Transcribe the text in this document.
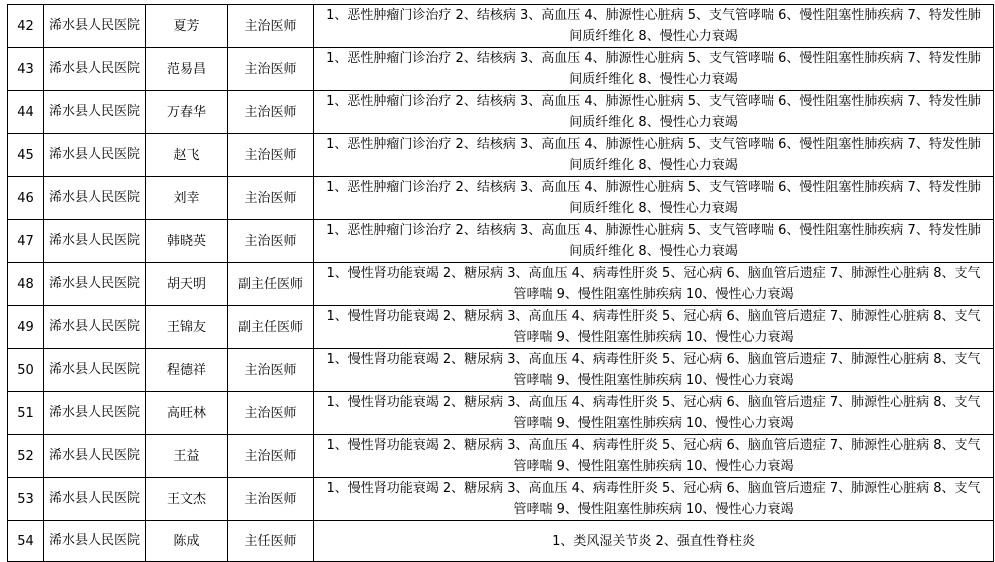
42	浠水县人民医院	夏芳	主治医师	1、恶性肿瘤门诊治疗 2、结核病 3、高血压 4、肺源性心脏病 5、支气管哮喘 6、慢性阻塞性肺疾病 7、特发性肺间质纤维化 8、慢性心力衰竭
43	浠水县人民医院	范易昌	主治医师	1、恶性肿瘤门诊治疗 2、结核病 3、高血压 4、肺源性心脏病 5、支气管哮喘 6、慢性阻塞性肺疾病 7、特发性肺间质纤维化 8、慢性心力衰竭
44	浠水县人民医院	万春华	主治医师	1、恶性肿瘤门诊治疗 2、结核病 3、高血压 4、肺源性心脏病 5、支气管哮喘 6、慢性阻塞性肺疾病 7、特发性肺间质纤维化 8、慢性心力衰竭
45	浠水县人民医院	赵飞	主治医师	1、恶性肿瘤门诊治疗 2、结核病 3、高血压 4、肺源性心脏病 5、支气管哮喘 6、慢性阻塞性肺疾病 7、特发性肺间质纤维化 8、慢性心力衰竭
46	浠水县人民医院	刘幸	主治医师	1、恶性肿瘤门诊治疗 2、结核病 3、高血压 4、肺源性心脏病 5、支气管哮喘 6、慢性阻塞性肺疾病 7、特发性肺间质纤维化 8、慢性心力衰竭
47	浠水县人民医院	韩晓英	主治医师	1、恶性肿瘤门诊治疗 2、结核病 3、高血压 4、肺源性心脏病 5、支气管哮喘 6、慢性阻塞性肺疾病 7、特发性肺间质纤维化 8、慢性心力衰竭
48	浠水县人民医院	胡天明	副主任医师	1、慢性肾功能衰竭 2、糖尿病 3、高血压 4、病毒性肝炎 5、冠心病 6、脑血管后遗症 7、肺源性心脏病 8、支气管哮喘 9、慢性阻塞性肺疾病 10、慢性心力衰竭
49	浠水县人民医院	王锦友	副主任医师	1、慢性肾功能衰竭 2、糖尿病 3、高血压 4、病毒性肝炎 5、冠心病 6、脑血管后遗症 7、肺源性心脏病 8、支气管哮喘 9、慢性阻塞性肺疾病 10、慢性心力衰竭
50	浠水县人民医院	程德祥	主治医师	1、慢性肾功能衰竭 2、糖尿病 3、高血压 4、病毒性肝炎 5、冠心病 6、脑血管后遗症 7、肺源性心脏病 8、支气管哮喘 9、慢性阻塞性肺疾病 10、慢性心力衰竭
51	浠水县人民医院	高旺林	主治医师	1、慢性肾功能衰竭 2、糖尿病 3、高血压 4、病毒性肝炎 5、冠心病 6、脑血管后遗症 7、肺源性心脏病 8、支气管哮喘 9、慢性阻塞性肺疾病 10、慢性心力衰竭
52	浠水县人民医院	王益	主治医师	1、慢性肾功能衰竭 2、糖尿病 3、高血压 4、病毒性肝炎 5、冠心病 6、脑血管后遗症 7、肺源性心脏病 8、支气管哮喘 9、慢性阻塞性肺疾病 10、慢性心力衰竭
53	浠水县人民医院	王文杰	主治医师	1、慢性肾功能衰竭 2、糖尿病 3、高血压 4、病毒性肝炎 5、冠心病 6、脑血管后遗症 7、肺源性心脏病 8、支气管哮喘 9、慢性阻塞性肺疾病 10、慢性心力衰竭
54	浠水县人民医院	陈成	主任医师	1、类风湿关节炎 2、强直性脊柱炎
